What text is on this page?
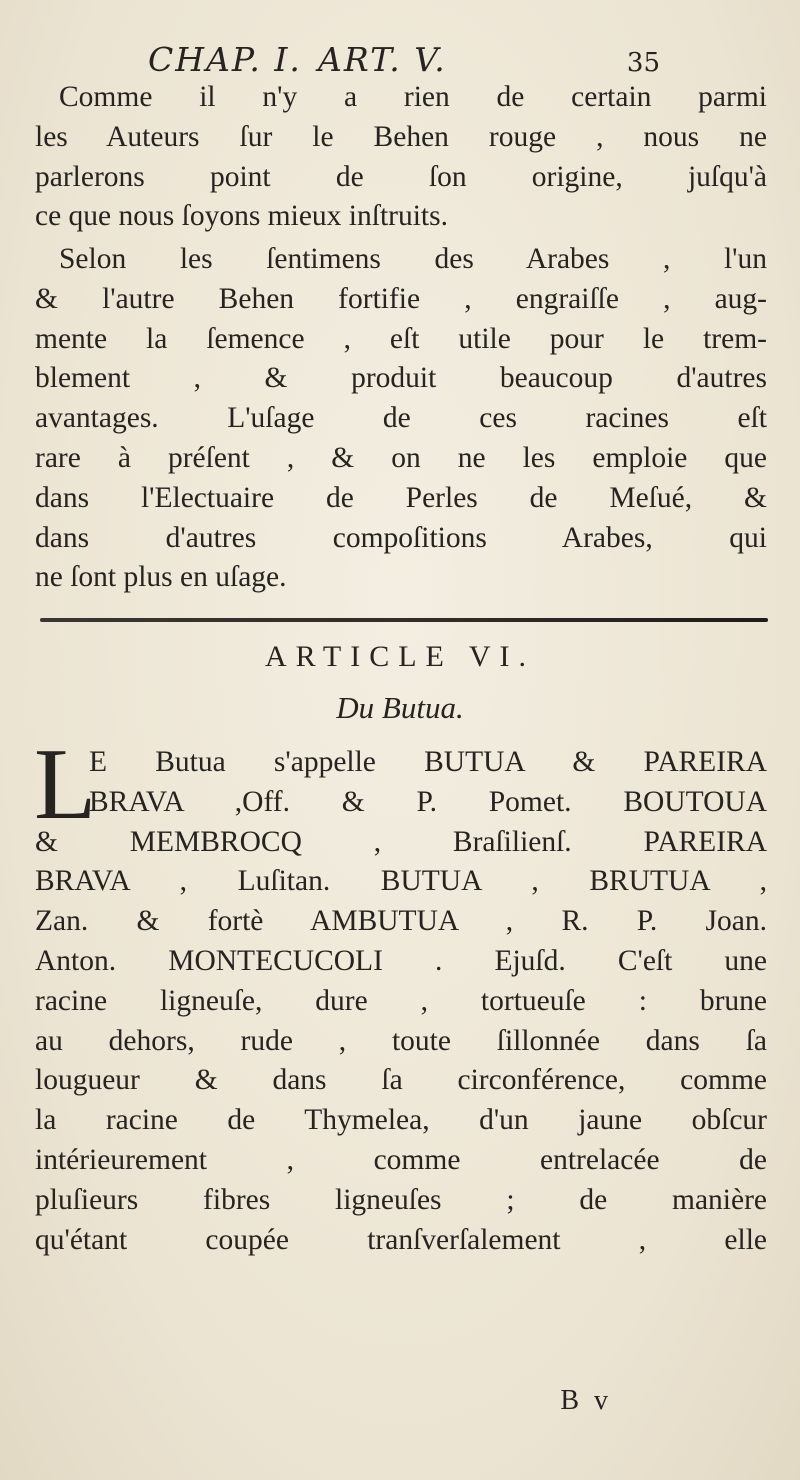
CHAP. I. ART. V.	35
Comme il n'y a rien de certain parmi
les Auteurs ſur le Behen rouge , nous ne
parlerons point de ſon origine, juſqu'à
ce que nous ſoyons mieux inſtruits.
Selon les ſentimens des Arabes , l'un
& l'autre Behen fortifie , engraiſſe , aug-
mente la ſemence , eſt utile pour le trem-
blement , & produit beaucoup d'autres
avantages. L'uſage de ces racines eſt
rare à préſent , & on ne les emploie que
dans l'Electuaire de Perles de Meſué, &
dans d'autres compoſitions Arabes, qui
ne ſont plus en uſage.
ARTICLE VI.
Du Butua.
L
E Butua s'appelle BUTUA & PAREIRA
BRAVA ,Off. & P. Pomet. BOUTOUA
& MEMBROCQ , Braſilienſ. PAREIRA
BRAVA , Luſitan. BUTUA , BRUTUA ,
Zan. & fortè AMBUTUA , R. P. Joan.
Anton. MONTECUCOLI . Ejuſd. C'eſt une
racine ligneuſe, dure , tortueuſe : brune
au dehors, rude , toute ſillonnée dans ſa
lougueur & dans ſa circonférence, comme
la racine de Thymelea, d'un jaune obſcur
intérieurement , comme entrelacée de
pluſieurs fibres ligneuſes ; de manière
qu'étant coupée tranſverſalement , elle
B v
